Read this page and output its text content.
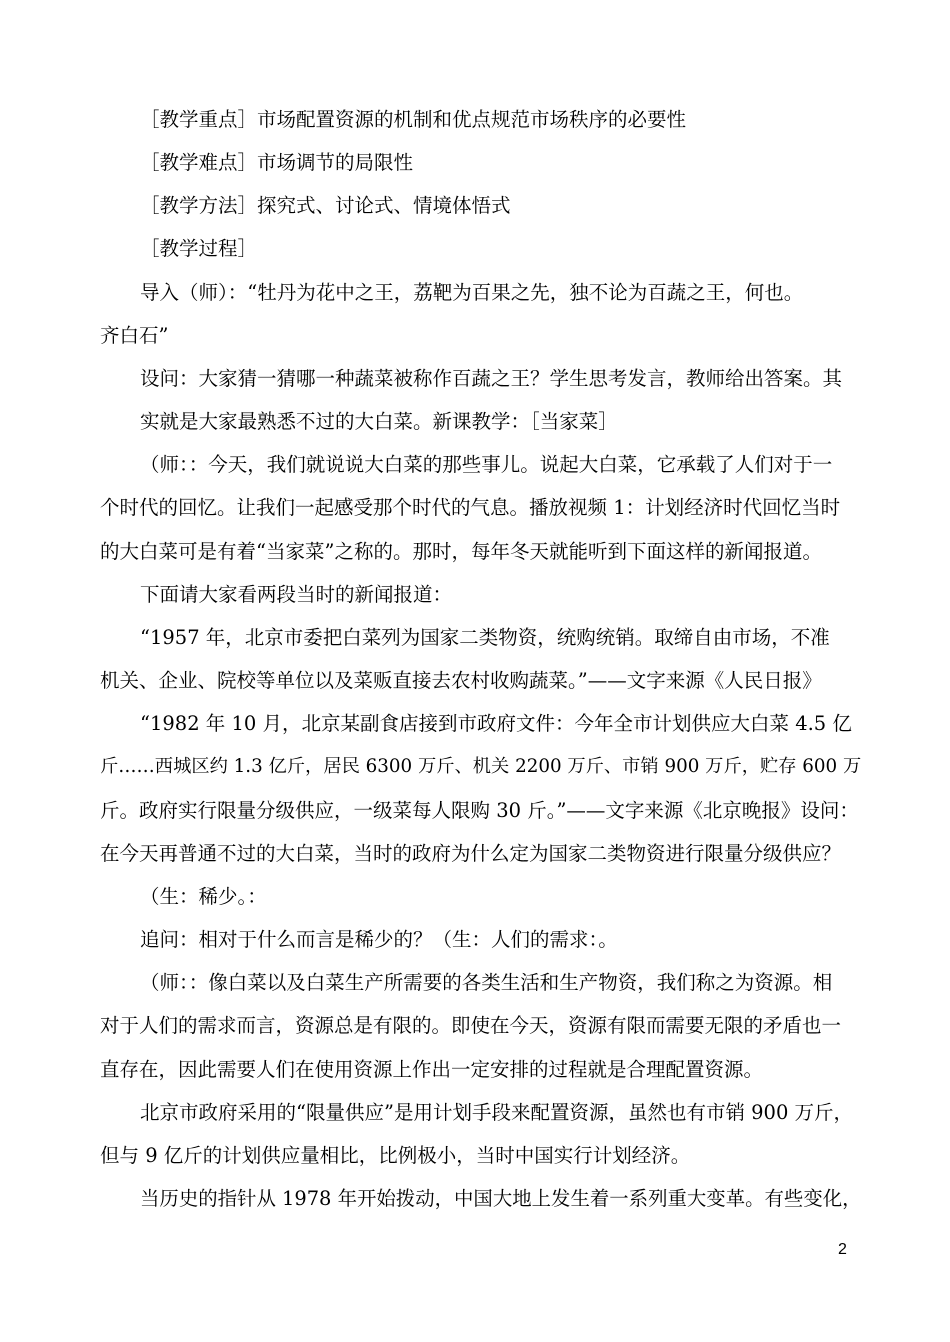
［教学重点］市场配置资源的机制和优点规范市场秩序的必要性
［教学难点］市场调节的局限性
［教学方法］探究式、讨论式、情境体悟式
［教学过程］
导入（师）：“牡丹为花中之王，荔靶为百果之先，独不论为百蔬之王，何也。
齐白石”
设问：大家猜一猜哪一种蔬菜被称作百蔬之王？学生思考发言，教师给出答案。其
实就是大家最熟悉不过的大白菜。新课教学：［当家菜］
（师：：今天，我们就说说大白菜的那些事儿。说起大白菜，它承载了人们对于一
个时代的回忆。让我们一起感受那个时代的气息。播放视频 1：计划经济时代回忆当时
的大白菜可是有着“当家菜”之称的。那时，每年冬天就能听到下面这样的新闻报道。
下面请大家看两段当时的新闻报道：
“1957 年，北京市委把白菜列为国家二类物资，统购统销。取缔自由市场，不准
机关、企业、院校等单位以及菜贩直接去农村收购蔬菜。”——文字来源《人民日报》
“1982 年 10 月，北京某副食店接到市政府文件：今年全市计划供应大白菜 4.5 亿
斤……西城区约 1.3 亿斤，居民 6300 万斤、机关 2200 万斤、市销 900 万斤，贮存 600 万
斤。政府实行限量分级供应，一级菜每人限购 30 斤。”——文字来源《北京晚报》设问：
在今天再普通不过的大白菜，当时的政府为什么定为国家二类物资进行限量分级供应？
（生：稀少。：
追问：相对于什么而言是稀少的？（生：人们的需求：。
（师：：像白菜以及白菜生产所需要的各类生活和生产物资，我们称之为资源。相
对于人们的需求而言，资源总是有限的。即使在今天，资源有限而需要无限的矛盾也一
直存在，因此需要人们在使用资源上作出一定安排的过程就是合理配置资源。
北京市政府采用的“限量供应”是用计划手段来配置资源，虽然也有市销 900 万斤，
但与 9 亿斤的计划供应量相比，比例极小，当时中国实行计划经济。
当历史的指针从 1978 年开始拨动，中国大地上发生着一系列重大变革。有些变化，
2
